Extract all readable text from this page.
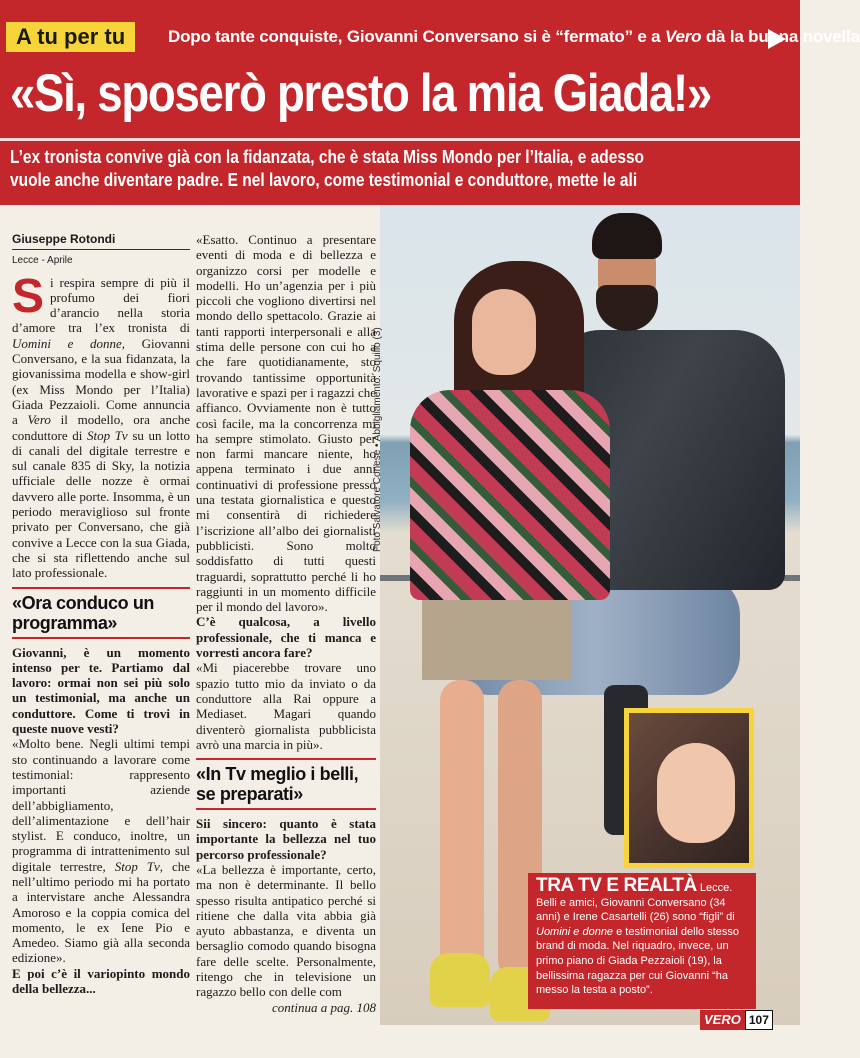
A tu per tu	Dopo tante conquiste, Giovanni Conversano si è “fermato” e a Vero dà la buona novella
«Sì, sposerò presto la mia Giada!»
L’ex tronista convive già con la fidanzata, che è stata Miss Mondo per l’Italia, e adesso
vuole anche diventare padre. E nel lavoro, come testimonial e conduttore, mette le ali
Foto Salvatore Conese • Abbigliamento: Squillo (3)
TRA TV E REALTÀ Lecce. Belli e amici, Giovanni Conversano (34 anni) e Irene Casartelli (26) sono “figli” di Uomini e donne e testimonial dello stesso brand di moda. Nel riquadro, invece, un primo piano di Giada Pezzaioli (19), la bellissima ragazza per cui Giovanni “ha messo la testa a posto”.
VERO 107
Giuseppe Rotondi
Lecce - Aprile

Si respira sempre di più il profumo dei fiori d’arancio nella storia d’amore tra l’ex tronista di Uomini e donne, Giovanni Conversano, e la sua fidanzata, la giovanissima modella e show-girl (ex Miss Mondo per l’Italia) Giada Pezzaioli. Come annuncia a Vero il modello, ora anche conduttore di Stop Tv su un lotto di canali del digitale terrestre e sul canale 835 di Sky, la notizia ufficiale delle nozze è ormai davvero alle porte. Insomma, è un periodo meraviglioso sul fronte privato per Conversano, che già convive a Lecce con la sua Giada, che si sta riflettendo anche sul lato professionale.

«Ora conduco un programma»

Giovanni, è un momento intenso per te. Partiamo dal lavoro: ormai non sei più solo un testimonial, ma anche un conduttore. Come ti trovi in queste nuove vesti?

«Molto bene. Negli ultimi tempi sto continuando a lavorare come testimonial: rappresento importanti aziende dell’abbigliamento, dell’alimentazione e dell’hair stylist. E conduco, inoltre, un programma di intrattenimento sul digitale terrestre, Stop Tv, che nell’ultimo periodo mi ha portato a intervistare anche Alessandra Amoroso e la coppia comica del momento, le ex Iene Pio e Amedeo. Siamo già alla seconda edizione».

E poi c’è il variopinto mondo della bellezza...

«Esatto. Continuo a presentare eventi di moda e di bellezza e organizzo corsi per modelle e modelli. Ho un’agenzia per i più piccoli che vogliono divertirsi nel mondo dello spettacolo. Grazie ai tanti rapporti interpersonali e alla stima delle persone con cui ho a che fare quotidianamente, sto trovando tantissime opportunità lavorative e spazi per i ragazzi che affianco. Ovviamente non è tutto così facile, ma la concorrenza mi ha sempre stimolato. Giusto per non farmi mancare niente, ho appena terminato i due anni continuativi di professione presso una testata giornalistica e questo mi consentirà di richiedere l’iscrizione all’albo dei giornalisti pubblicisti. Sono molto soddisfatto di tutti questi traguardi, soprattutto perché li ho raggiunti in un momento difficile per il mondo del lavoro».

C’è qualcosa, a livello professionale, che ti manca e vorresti ancora fare?

«Mi piacerebbe trovare uno spazio tutto mio da inviato o da conduttore alla Rai oppure a Mediaset. Magari quando diventerò giornalista pubblicista avrò una marcia in più».

«In Tv meglio i belli, se preparati»

Sii sincero: quanto è stata importante la bellezza nel tuo percorso professionale?

«La bellezza è importante, certo, ma non è determinante. Il bello spesso risulta antipatico perché si ritiene che dalla vita abbia già ayuto abbastanza, e diventa un bersaglio comodo quando bisogna fare delle scelte. Personalmente, ritengo che in televisione un ragazzo bello con delle com

continua a pag. 108
